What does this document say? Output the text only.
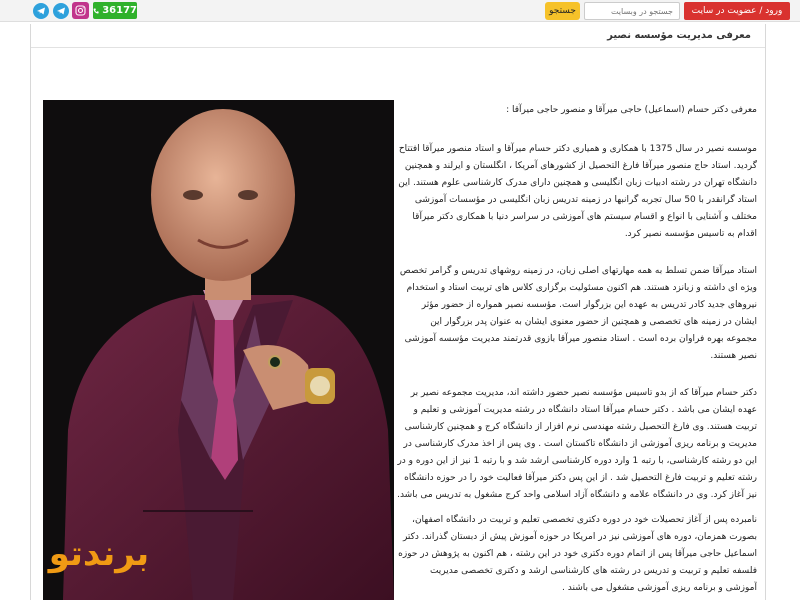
36177	جستجو
جستجو در وبسایت	ورود / عضویت در سایت
معرفی مدیریت مؤسسه نصیر
برندتو

معرفی دکتر حسام (اسماعیل) حاجی میرآقا و منصور حاجی میرآقا :

موسسه نصیر در سال 1375 با همکاری و همیاری دکتر حسام میرآقا و استاد منصور میرآقا افتتاح گردید. استاد حاج منصور میرآقا فارغ التحصیل از کشورهای آمریکا ، انگلستان و ایرلند و همچنین دانشگاه تهران در رشته ادبیات زبان انگلیسی و همچنین دارای مدرک کارشناسی علوم هستند. این استاد گرانقدر با 50 سال تجربه گرانبها در زمینه تدریس زبان انگلیسی در مؤسسات آموزشی مختلف و آشنایی با انواع و اقسام سیستم های آموزشی در سراسر دنیا با همکاری دکتر میرآقا اقدام به تاسیس مؤسسه نصیر کرد.

استاد میرآقا ضمن تسلط به همه مهارتهای اصلی زبان، در زمینه روشهای تدریس و گرامر تخصص ویژه ای داشته و زبانزد هستند. هم اکنون مسئولیت برگزاری کلاس های تربیت استاد و استخدام نیروهای جدید کادر تدریس به عهده این بزرگوار است. مؤسسه نصیر همواره از حضور مؤثر ایشان در زمینه های تخصصی و همچنین از حضور معنوی ایشان به عنوان پدر بزرگوار این مجموعه بهره فراوان برده است . استاد منصور میرآقا بازوی قدرتمند مدیریت مؤسسه آموزشی نصیر هستند.

دکتر حسام میرآقا که از بدو تاسیس مؤسسه نصیر حضور داشته اند، مدیریت مجموعه نصیر بر عهده ایشان می باشد . دکتر حسام میرآقا استاد دانشگاه در رشته مدیریت آموزشی و تعلیم و تربیت هستند. وی فارغ التحصیل رشته مهندسی نرم افزار از دانشگاه کرج و همچنین کارشناسی مدیریت و برنامه ریزی آموزشی از دانشگاه تاکستان است . وی پس از اخذ مدرک کارشناسی در این دو رشته کارشناسی، با رتبه 1 وارد دوره کارشناسی ارشد شد و با رتبه 1 نیز از این دوره و در رشته تعلیم و تربیت فارغ التحصیل شد . از این پس دکتر میرآقا فعالیت خود را در حوزه دانشگاه نیز آغاز کرد. وی در دانشگاه علامه و دانشگاه آزاد اسلامی واحد کرج مشغول به تدریس می باشد.

نامبرده پس از آغاز تحصیلات خود در دوره دکتری تخصصی تعلیم و تربیت در دانشگاه اصفهان، بصورت همزمان، دوره های آموزشی نیز در امریکا در حوزه آموزش پیش از دبستان گذراند. دکتر اسماعیل حاجی میرآقا پس از اتمام دوره دکتری خود در این رشته ، هم اکنون به پژوهش در حوزه فلسفه تعلیم و تربیت و تدریس در رشته های کارشناسی ارشد و دکتری تخصصی مدیریت آموزشی و برنامه ریزی آموزشی مشغول می باشند .
